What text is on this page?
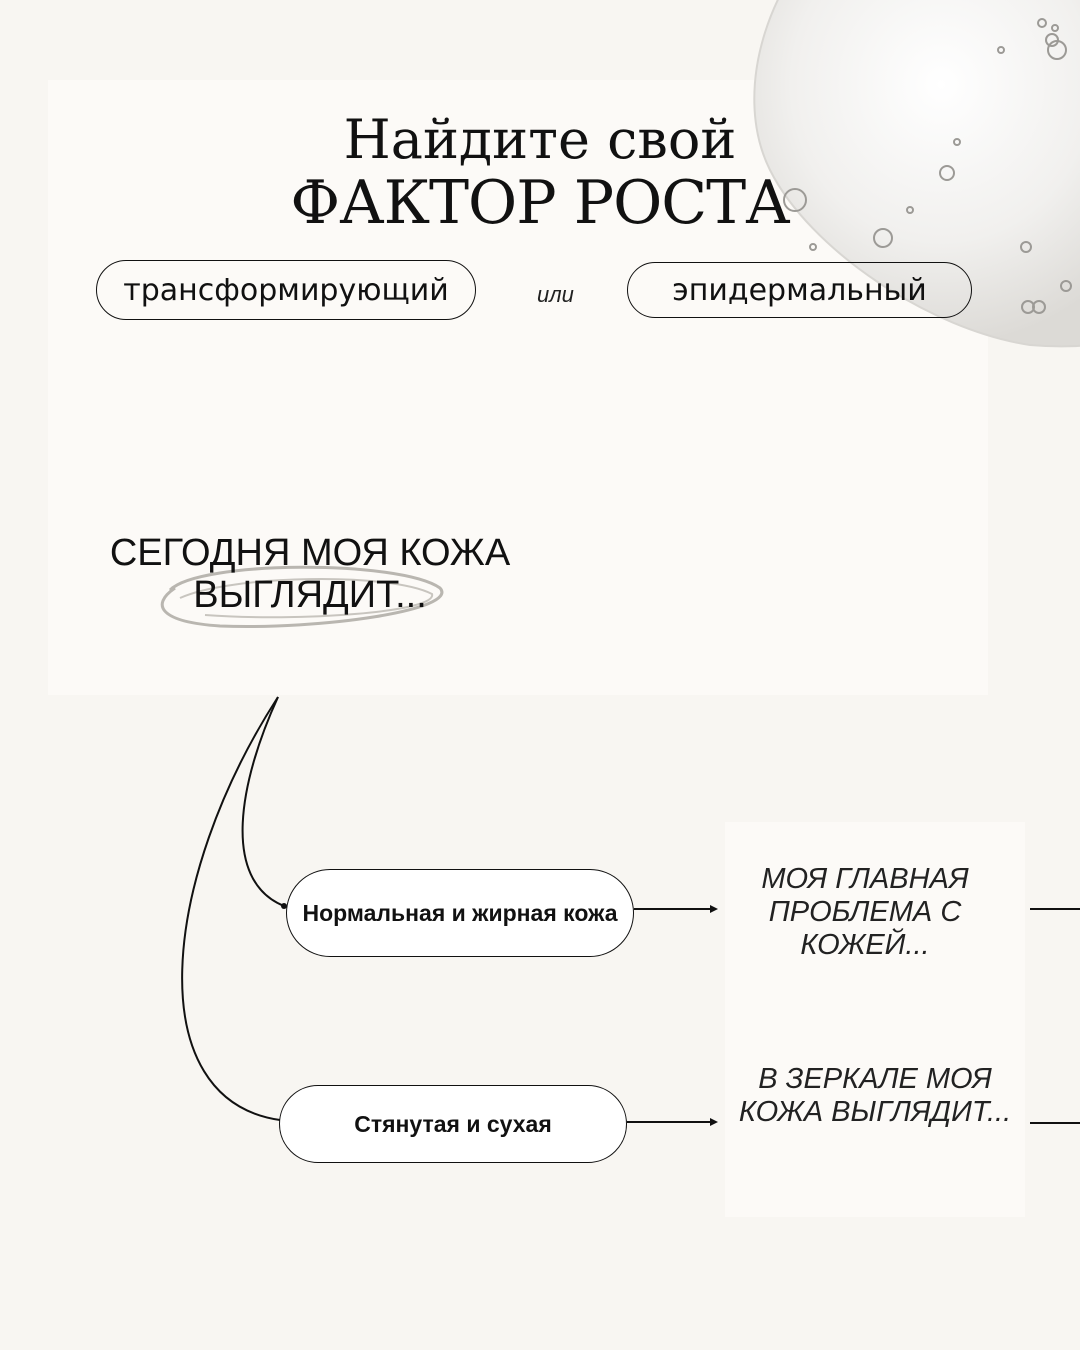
Найдите свой
ФАКТОР РОСТА
трансформирующий	или	эпидермальный
СЕГОДНЯ МОЯ КОЖА
ВЫГЛЯДИТ...
Нормальная и жирная кожа
Стянутая и сухая
МОЯ ГЛАВНАЯ ПРОБЛЕМА С КОЖЕЙ...
В ЗЕРКАЛЕ МОЯ КОЖА ВЫГЛЯДИТ...
